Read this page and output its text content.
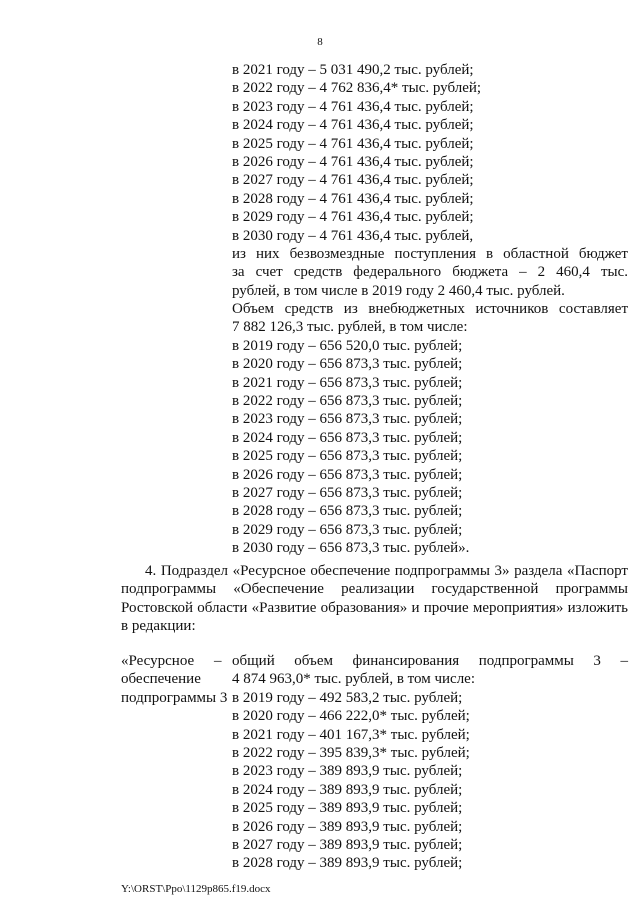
8
в 2021 году – 5 031 490,2 тыс. рублей;
в 2022 году – 4 762 836,4* тыс. рублей;
в 2023 году – 4 761 436,4 тыс. рублей;
в 2024 году – 4 761 436,4 тыс. рублей;
в 2025 году – 4 761 436,4 тыс. рублей;
в 2026 году – 4 761 436,4 тыс. рублей;
в 2027 году – 4 761 436,4 тыс. рублей;
в 2028 году – 4 761 436,4 тыс. рублей;
в 2029 году – 4 761 436,4 тыс. рублей;
в 2030 году – 4 761 436,4 тыс. рублей,
из них безвозмездные поступления в областной бюджет
за счет средств федерального бюджета – 2 460,4 тыс.
рублей, в том числе в 2019 году 2 460,4 тыс. рублей.
Объем средств из внебюджетных источников составляет
7 882 126,3 тыс. рублей, в том числе:
в 2019 году – 656 520,0 тыс. рублей;
в 2020 году – 656 873,3 тыс. рублей;
в 2021 году – 656 873,3 тыс. рублей;
в 2022 году – 656 873,3 тыс. рублей;
в 2023 году – 656 873,3 тыс. рублей;
в 2024 году – 656 873,3 тыс. рублей;
в 2025 году – 656 873,3 тыс. рублей;
в 2026 году – 656 873,3 тыс. рублей;
в 2027 году – 656 873,3 тыс. рублей;
в 2028 году – 656 873,3 тыс. рублей;
в 2029 году – 656 873,3 тыс. рублей;
в 2030 году – 656 873,3 тыс. рублей».
4. Подраздел «Ресурсное обеспечение подпрограммы 3» раздела «Паспорт
подпрограммы «Обеспечение реализации государственной программы
Ростовской области «Развитие образования» и прочие мероприятия» изложить
в редакции:
«Ресурсное
обеспечение
подпрограммы 3
– общий объем финансирования подпрограммы 3 –
4 874 963,0* тыс. рублей, в том числе:
в 2019 году – 492 583,2 тыс. рублей;
в 2020 году – 466 222,0* тыс. рублей;
в 2021 году – 401 167,3* тыс. рублей;
в 2022 году – 395 839,3* тыс. рублей;
в 2023 году – 389 893,9 тыс. рублей;
в 2024 году – 389 893,9 тыс. рублей;
в 2025 году – 389 893,9 тыс. рублей;
в 2026 году – 389 893,9 тыс. рублей;
в 2027 году – 389 893,9 тыс. рублей;
в 2028 году – 389 893,9 тыс. рублей;
Y:\ORST\Ppo\1129p865.f19.docx
